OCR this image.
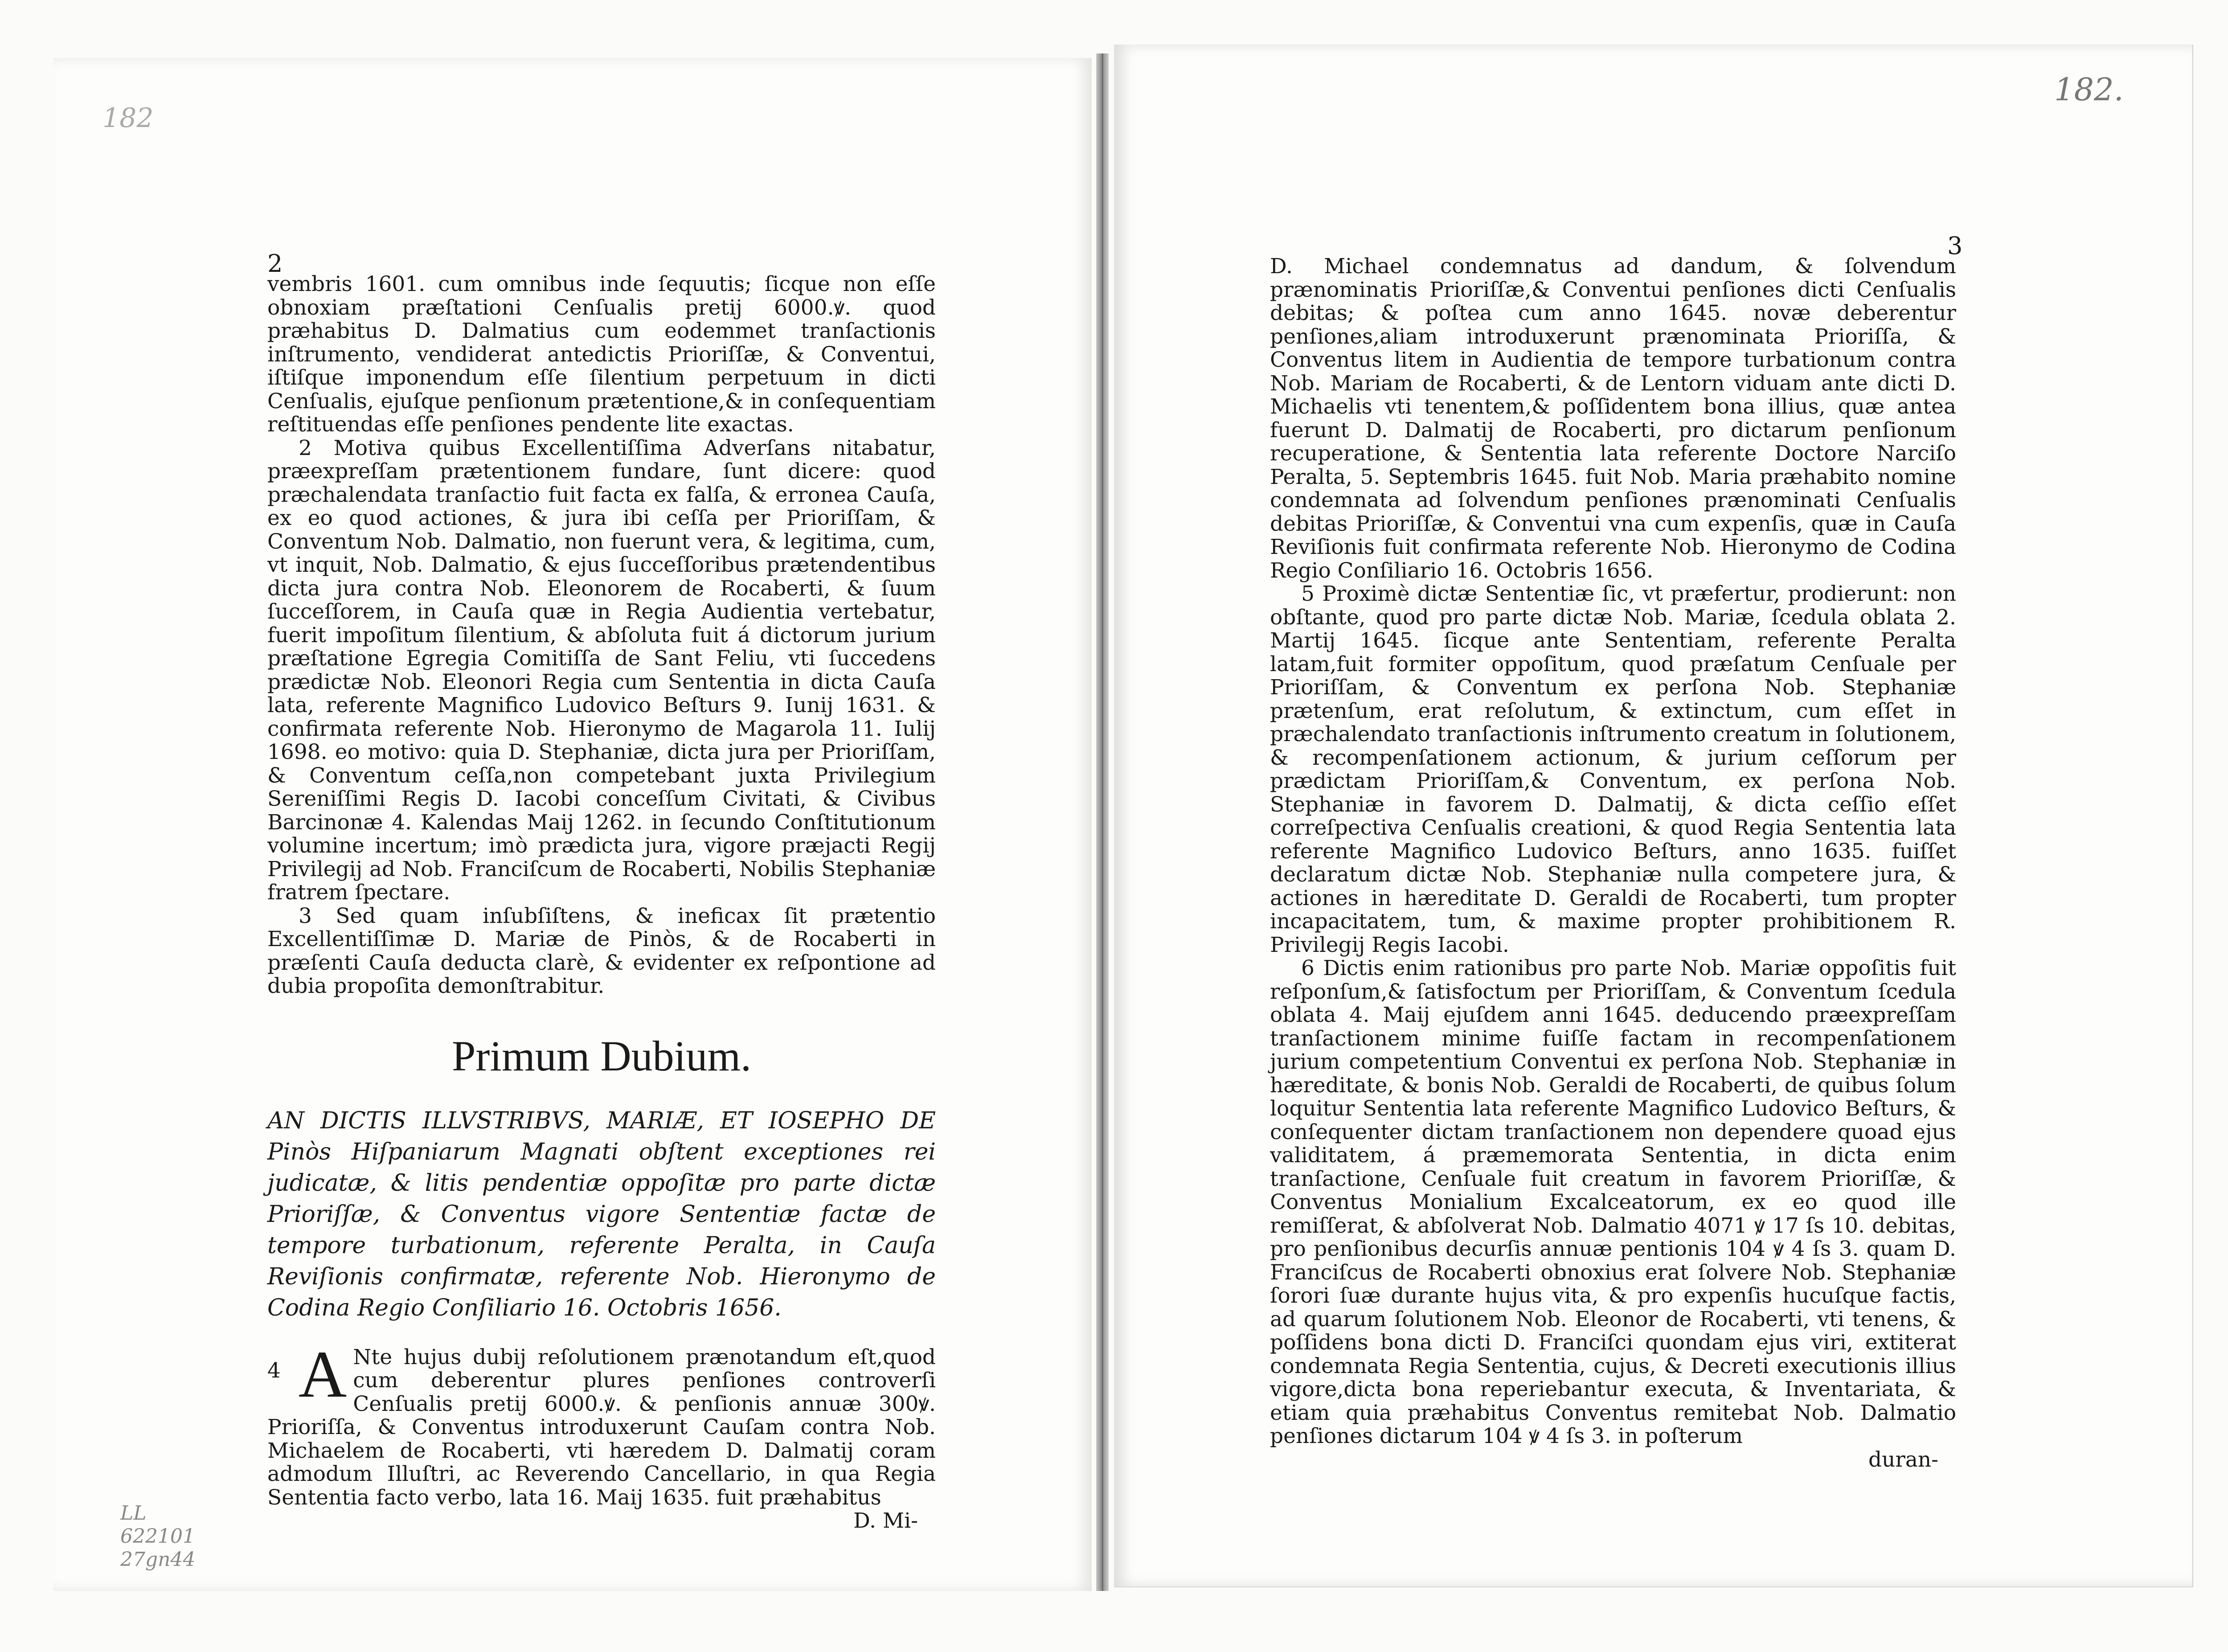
182
182.
LL
622101
27gn44
2

vembris 1601. cum omnibus inde ſequutis; ſicque non eſſe obnoxiam præſtationi Cenſualis pretij 6000.ꝟ. quod præhabitus D. Dalmatius cum eodemmet tranſactionis inſtrumento, vendiderat antedictis Prioriſſæ, & Conventui, iſtiſque imponendum eſſe ſilentium perpetuum in dicti Cenſualis, ejuſque penſionum prætentione,& in conſequentiam reſtituendas eſſe penſiones pendente lite exactas.

2 Motiva quibus Excellentiſſima Adverſans nitabatur, præexpreſſam prætentionem fundare, ſunt dicere: quod præchalendata tranſactio fuit facta ex falſa, & erronea Cauſa, ex eo quod actiones, & jura ibi ceſſa per Prioriſſam, & Conventum Nob. Dalmatio, non fuerunt vera, & legitima, cum, vt inquit, Nob. Dalmatio, & ejus ſucceſſoribus prætendentibus dicta jura contra Nob. Eleonorem de Rocaberti, & ſuum ſucceſſorem, in Cauſa quæ in Regia Audientia vertebatur, fuerit impoſitum ſilentium, & abſoluta fuit á dictorum jurium præſtatione Egregia Comitiſſa de Sant Feliu, vti ſuccedens prædictæ Nob. Eleonori Regia cum Sententia in dicta Cauſa lata, referente Magnifico Ludovico Beſturs 9. Iunij 1631. & confirmata referente Nob. Hieronymo de Magarola 11. Iulij 1698. eo motivo: quia D. Stephaniæ, dicta jura per Prioriſſam, & Conventum ceſſa,non competebant juxta Privilegium Sereniſſimi Regis D. Iacobi conceſſum Civitati, & Civibus Barcinonæ 4. Kalendas Maij 1262. in ſecundo Conſtitutionum volumine incertum; imò prædicta jura, vigore præjacti Regij Privilegij ad Nob. Franciſcum de Rocaberti, Nobilis Stephaniæ fratrem ſpectare.

3 Sed quam inſubſiſtens, & ineficax ſit prætentio Excellentiſſimæ D. Mariæ de Pinòs, & de Rocaberti in præſenti Cauſa deducta clarè, & evidenter ex reſpontione ad dubia propoſita demonſtrabitur.

Primum Dubium.

AN DICTIS ILLVSTRIBVS, MARIÆ, ET IOSEPHO DE Pinòs Hiſpaniarum Magnati obſtent exceptiones rei judicatæ, & litis pendentiæ oppoſitæ pro parte dictæ Prioriſſæ, & Conventus vigore Sententiæ factæ de tempore turbationum, referente Peralta, in Cauſa Reviſionis confirmatæ, referente Nob. Hieronymo de Codina Regio Conſiliario 16. Octobris 1656.

4 A Nte hujus dubij reſolutionem prænotandum eſt,quod cum deberentur plures penſiones controverſi Cenſualis pretij 6000.ꝟ. & penſionis annuæ 300ꝟ. Prioriſſa, & Conventus introduxerunt Cauſam contra Nob. Michaelem de Rocaberti, vti hæredem D. Dalmatij coram admodum Illuſtri, ac Reverendo Cancellario, in qua Regia Sententia facto verbo, lata 16. Maij 1635. fuit præhabitus

D. Mi-

3

D. Michael condemnatus ad dandum, & ſolvendum prænominatis Prioriſſæ,& Conventui penſiones dicti Cenſualis debitas; & poſtea cum anno 1645. novæ deberentur penſiones,aliam introduxerunt prænominata Prioriſſa, & Conventus litem in Audientia de tempore turbationum contra Nob. Mariam de Rocaberti, & de Lentorn viduam ante dicti D. Michaelis vti tenentem,& poſſidentem bona illius, quæ antea fuerunt D. Dalmatij de Rocaberti, pro dictarum penſionum recuperatione, & Sententia lata referente Doctore Narciſo Peralta, 5. Septembris 1645. fuit Nob. Maria præhabito nomine condemnata ad ſolvendum penſiones prænominati Cenſualis debitas Prioriſſæ, & Conventui vna cum expenſis, quæ in Cauſa Reviſionis fuit confirmata referente Nob. Hieronymo de Codina Regio Conſiliario 16. Octobris 1656.

5 Proximè dictæ Sententiæ ſic, vt præfertur, prodierunt: non obſtante, quod pro parte dictæ Nob. Mariæ, ſcedula oblata 2. Martij 1645. ſicque ante Sententiam, referente Peralta latam,fuit formiter oppoſitum, quod præſatum Cenſuale per Prioriſſam, & Conventum ex perſona Nob. Stephaniæ prætenſum, erat reſolutum, & extinctum, cum eſſet in præchalendato tranſactionis inſtrumento creatum in ſolutionem, & recompenſationem actionum, & jurium ceſſorum per prædictam Prioriſſam,& Conventum, ex perſona Nob. Stephaniæ in favorem D. Dalmatij, & dicta ceſſio eſſet correſpectiva Cenſualis creationi, & quod Regia Sententia lata referente Magnifico Ludovico Beſturs, anno 1635. fuiſſet declaratum dictæ Nob. Stephaniæ nulla competere jura, & actiones in hæreditate D. Geraldi de Rocaberti, tum propter incapacitatem, tum, & maxime propter prohibitionem R. Privilegij Regis Iacobi.

6 Dictis enim rationibus pro parte Nob. Mariæ oppoſitis fuit reſponſum,& ſatisfoctum per Prioriſſam, & Conventum ſcedula oblata 4. Maij ejuſdem anni 1645. deducendo præexpreſſam tranſactionem minime fuiſſe factam in recompenſationem jurium competentium Conventui ex perſona Nob. Stephaniæ in hæreditate, & bonis Nob. Geraldi de Rocaberti, de quibus ſolum loquitur Sententia lata referente Magnifico Ludovico Beſturs, & conſequenter dictam tranſactionem non dependere quoad ejus validitatem, á præmemorata Sententia, in dicta enim tranſactione, Cenſuale fuit creatum in favorem Prioriſſæ, & Conventus Monialium Excalceatorum, ex eo quod ille remiſſerat, & abſolverat Nob. Dalmatio 4071 ꝟ 17 ſs 10. debitas, pro penſionibus decurſis annuæ pentionis 104 ꝟ 4 ſs 3. quam D. Franciſcus de Rocaberti obnoxius erat ſolvere Nob. Stephaniæ ſorori ſuæ durante hujus vita, & pro expenſis hucuſque factis, ad quarum ſolutionem Nob. Eleonor de Rocaberti, vti tenens, & poſſidens bona dicti D. Franciſci quondam ejus viri, extiterat condemnata Regia Sententia, cujus, & Decreti executionis illius vigore,dicta bona reperiebantur executa, & Inventariata, & etiam quia præhabitus Conventus remitebat Nob. Dalmatio penſiones dictarum 104 ꝟ 4 ſs 3. in poſterum

duran-
